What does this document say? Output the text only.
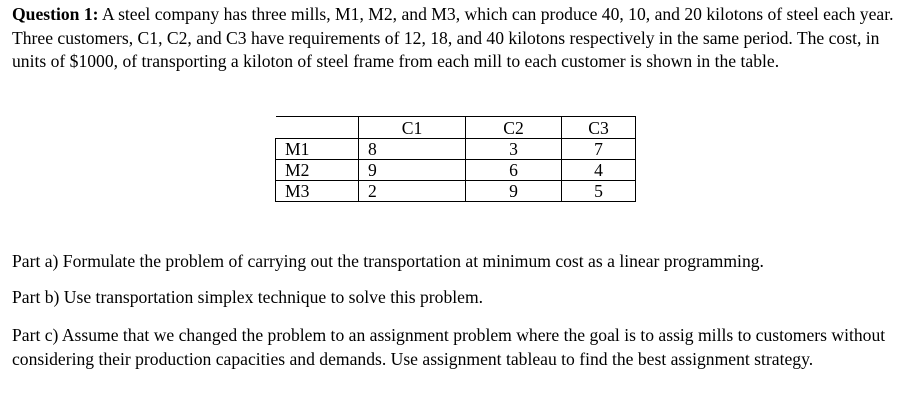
Question 1: A steel company has three mills, M1, M2, and M3, which can produce 40, 10, and 20 kilotons of steel each year. Three customers, C1, C2, and C3 have requirements of 12, 18, and 40 kilotons respectively in the same period. The cost, in units of $1000, of transporting a kiloton of steel frame from each mill to each customer is shown in the table.

	C1	C2	C3
M1	8	3	7
M2	9	6	4
M3	2	9	5

Part a) Formulate the problem of carrying out the transportation at minimum cost as a linear programming.

Part b) Use transportation simplex technique to solve this problem.

Part c) Assume that we changed the problem to an assignment problem where the goal is to assig mills to customers without considering their production capacities and demands. Use assignment tableau to find the best assignment strategy.
